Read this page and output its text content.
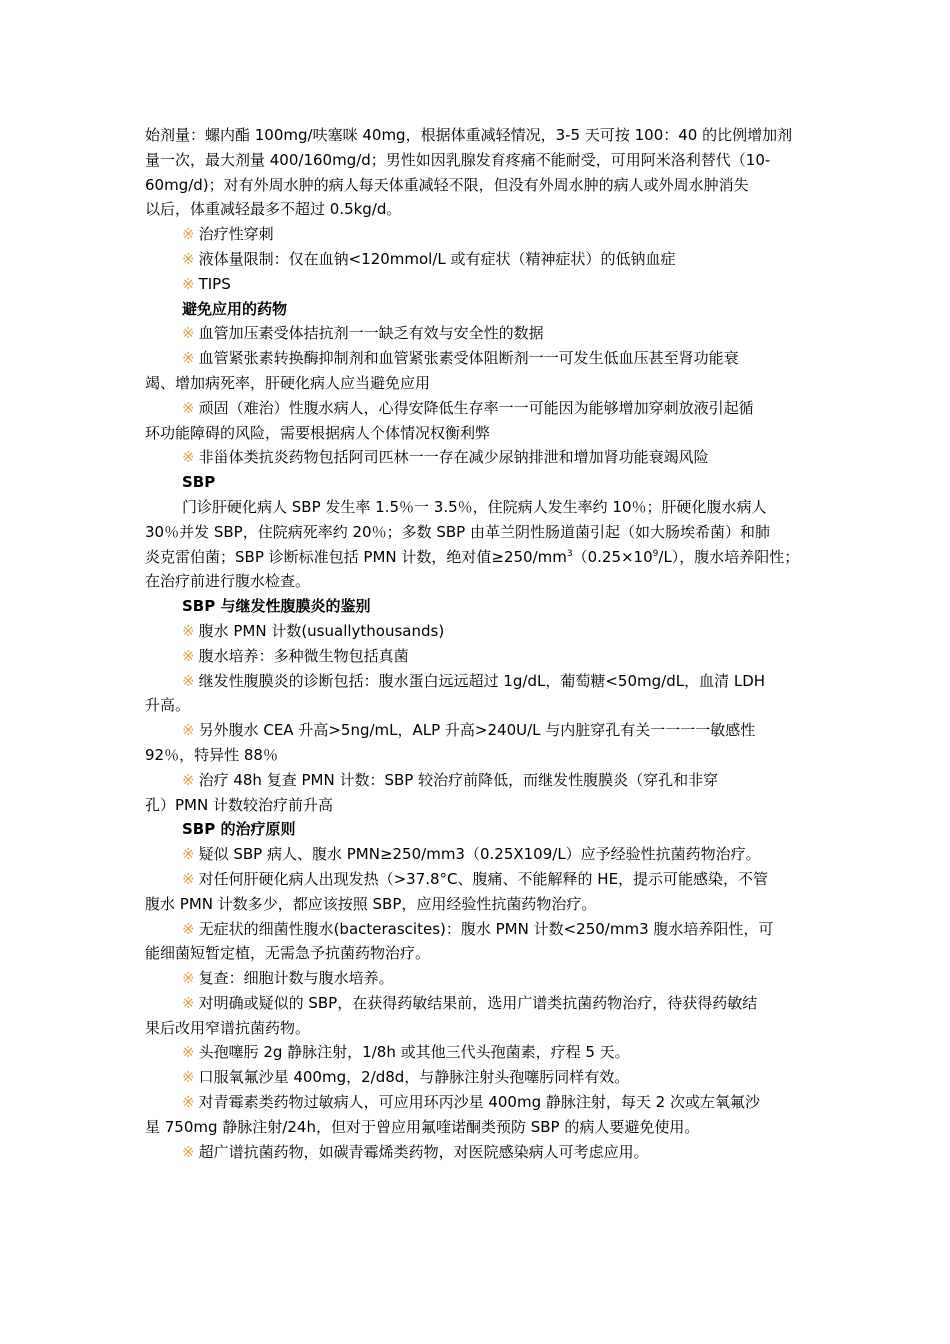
始剂量：螺内酯 100mg/呋塞咪 40mg，根据体重减轻情况，3-5 天可按 100：40 的比例增加剂

量一次，最大剂量 400/160mg/d；男性如因乳腺发育疼痛不能耐受，可用阿米洛利替代（10-

60mg/d)；对有外周水肿的病人每天体重减轻不限，但没有外周水肿的病人或外周水肿消失

以后，体重减轻最多不超过 0.5kg/d。

※ 治疗性穿刺

※ 液体量限制：仅在血钠<120mmol/L 或有症状（精神症状）的低钠血症

※ TIPS

避免应用的药物

※ 血管加压素受体拮抗剂一一缺乏有效与安全性的数据

※ 血管紧张素转换酶抑制剂和血管紧张素受体阻断剂一一可发生低血压甚至肾功能衰

竭、增加病死率，肝硬化病人应当避免应用

※ 顽固（难治）性腹水病人，心得安降低生存率一一可能因为能够增加穿刺放液引起循

环功能障碍的风险，需要根据病人个体情况权衡利弊

※ 非甾体类抗炎药物包括阿司匹林一一存在减少尿钠排泄和增加肾功能衰竭风险

SBP

门诊肝硬化病人 SBP 发生率 1.5％一 3.5％，住院病人发生率约 10％；肝硬化腹水病人

30％并发 SBP，住院病死率约 20％；多数 SBP 由革兰阴性肠道菌引起（如大肠埃希菌）和肺

炎克雷伯菌；SBP 诊断标准包括 PMN 计数，绝对值$\ge 250/mm^3(0.25\times 10^9/L)$，腹水培养阳性；

在治疗前进行腹水检查。

SBP 与继发性腹膜炎的鉴别

※ 腹水 PMN 计数(usuallythousands)

※ 腹水培养：多种微生物包括真菌

※ 继发性腹膜炎的诊断包括：腹水蛋白远远超过 1g/dL，葡萄糖<50mg/dL，血清 LDH

升高。

※ 另外腹水 CEA 升高>5ng/mL，ALP 升高>240U/L 与内脏穿孔有关一一一一敏感性

92％，特异性 88％

※ 治疗 48h 复查 PMN 计数：SBP 较治疗前降低，而继发性腹膜炎（穿孔和非穿

孔）PMN 计数较治疗前升高

SBP 的治疗原则

※ 疑似 SBP 病人、腹水 PMN≥250/mm3（0.25X109/L）应予经验性抗菌药物治疗。

※ 对任何肝硬化病人出现发热（>37.8°C、腹痛、不能解释的 HE，提示可能感染，不管

腹水 PMN 计数多少，都应该按照 SBP，应用经验性抗菌药物治疗。

※ 无症状的细菌性腹水(bacterascites)：腹水 PMN 计数<250/mm3 腹水培养阳性，可

能细菌短暂定植，无需急予抗菌药物治疗。

※ 复查：细胞计数与腹水培养。

※ 对明确或疑似的 SBP，在获得药敏结果前，选用广谱类抗菌药物治疗，待获得药敏结

果后改用窄谱抗菌药物。

※ 头孢噻肟 2g 静脉注射，1/8h 或其他三代头孢菌素，疗程 5 天。

※ 口服氧氟沙星 400mg，2/d8d，与静脉注射头孢噻肟同样有效。

※ 对青霉素类药物过敏病人，可应用环丙沙星 400mg 静脉注射，每天 2 次或左氧氟沙

星 750mg 静脉注射/24h，但对于曾应用氟喹诺酮类预防 SBP 的病人要避免使用。

※ 超广谱抗菌药物，如碳青霉烯类药物，对医院感染病人可考虑应用。
